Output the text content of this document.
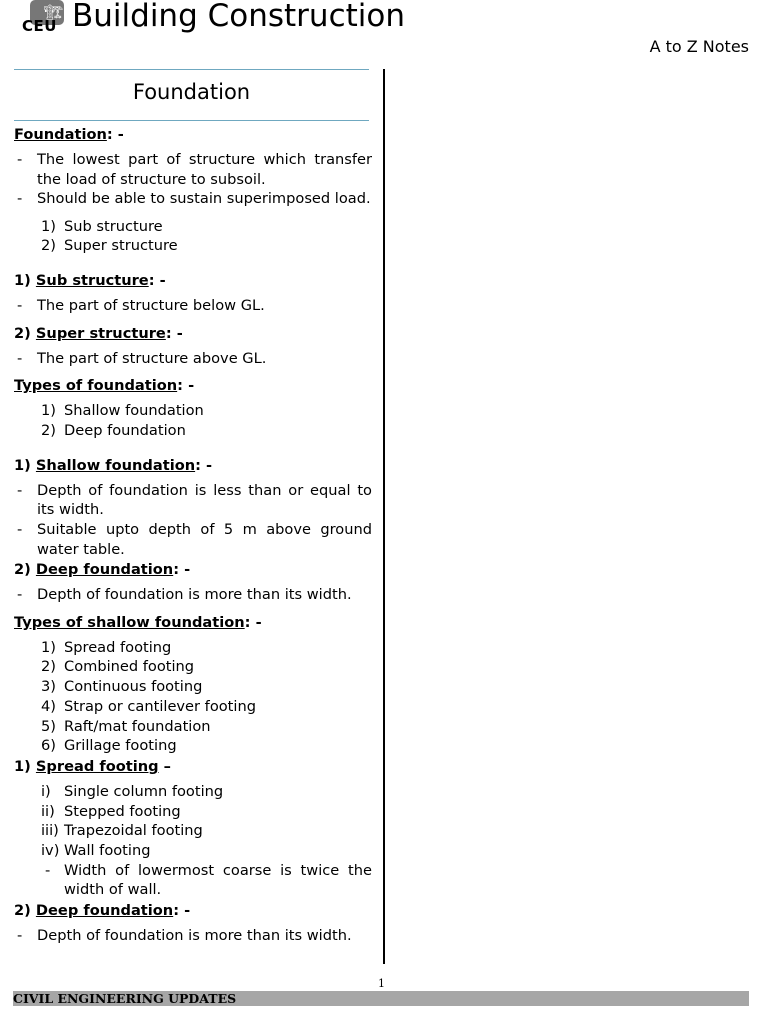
🏗
CEU Building Construction
A to Z Notes
Foundation
Foundation: -
- The lowest part of structure which transfer the load of structure to subsoil.
- Should be able to sustain superimposed load.
1) Sub structure
2) Super structure
1) Sub structure: -
- The part of structure below GL.
2) Super structure: -
- The part of structure above GL.
Types of foundation: -
1) Shallow foundation
2) Deep foundation
1) Shallow foundation: -
- Depth of foundation is less than or equal to its width.
- Suitable upto depth of 5 m above ground water table.
2) Deep foundation: -
- Depth of foundation is more than its width.
Types of shallow foundation: -
1) Spread footing
2) Combined footing
3) Continuous footing
4) Strap or cantilever footing
5) Raft/mat foundation
6) Grillage footing
1) Spread footing –
i) Single column footing
ii) Stepped footing
iii) Trapezoidal footing
iv) Wall footing
- Width of lowermost coarse is twice the width of wall.
2) Deep foundation: -
- Depth of foundation is more than its width.
1
CIVIL ENGINEERING UPDATES
